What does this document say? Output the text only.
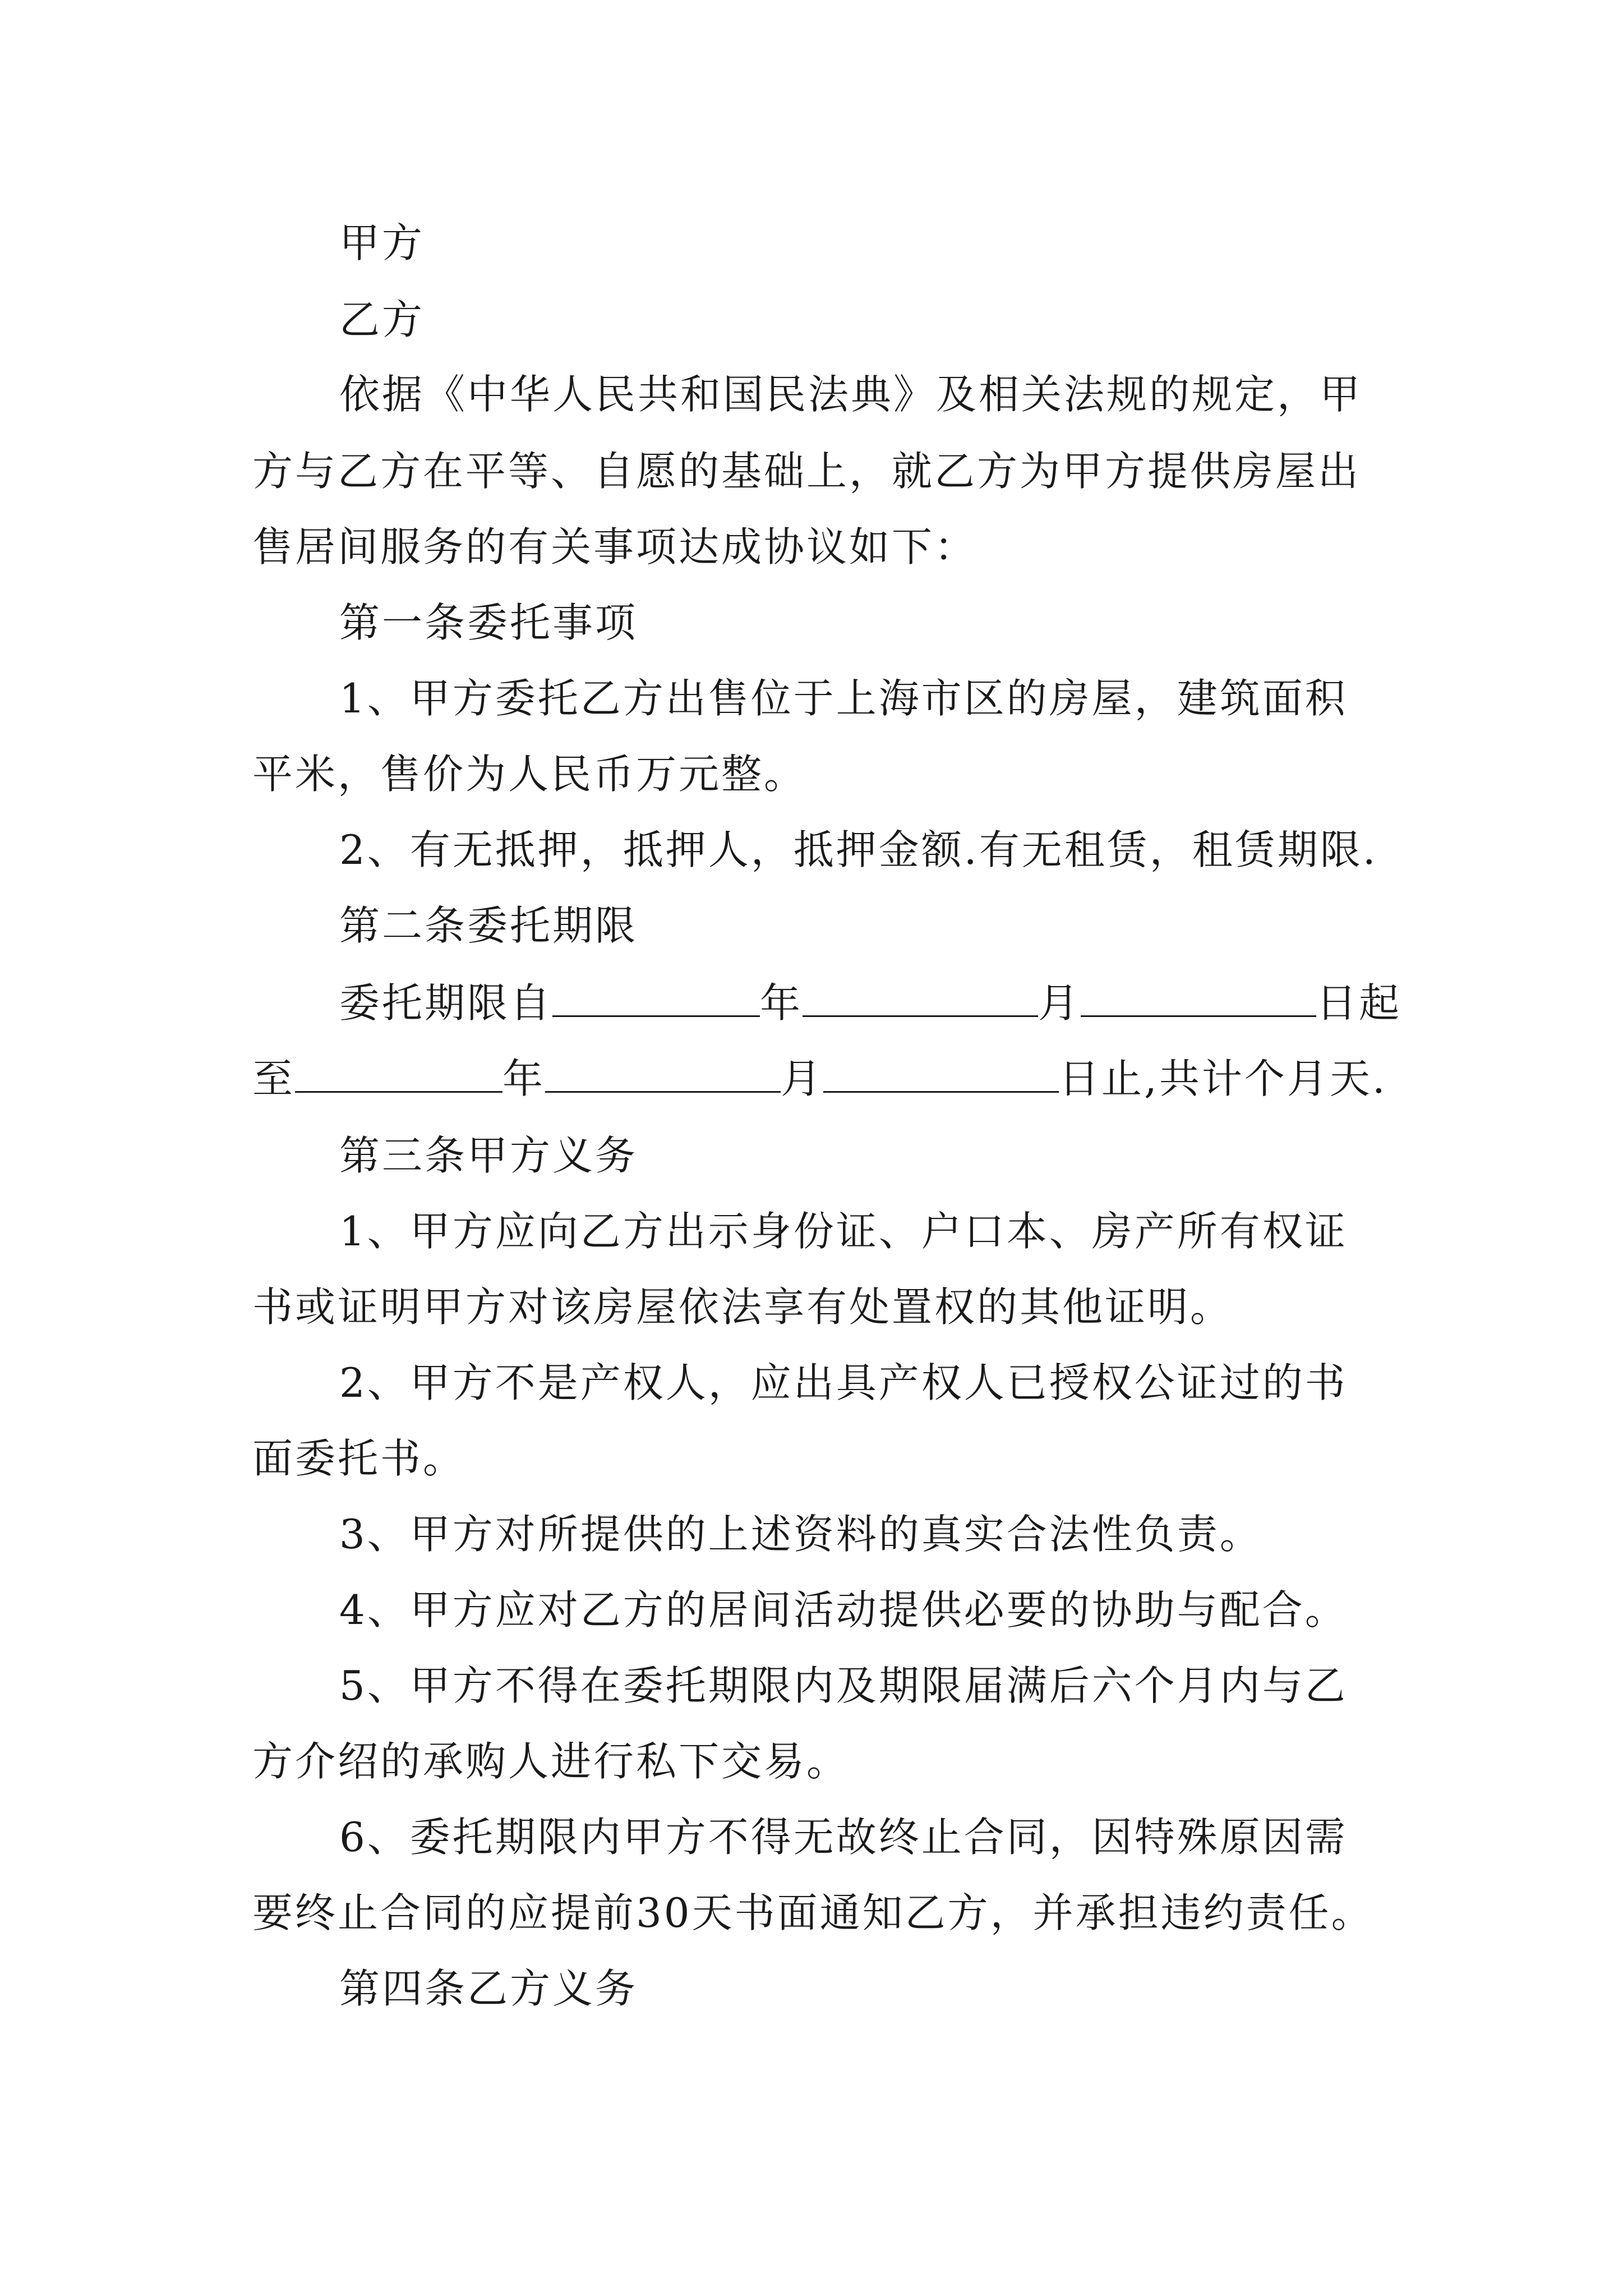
甲方
乙方
依据《中华人民共和国民法典》及相关法规的规定，甲
方与乙方在平等、自愿的基础上，就乙方为甲方提供房屋出
售居间服务的有关事项达成协议如下：
第一条委托事项
1、甲方委托乙方出售位于上海市区的房屋，建筑面积
平米，售价为人民币万元整。
2、有无抵押，抵押人，抵押金额.有无租赁，租赁期限.
第二条委托期限
委托期限自	年	月	日起
至	年	月	日止,共计个月天.
第三条甲方义务
1、甲方应向乙方出示身份证、户口本、房产所有权证
书或证明甲方对该房屋依法享有处置权的其他证明。
2、甲方不是产权人，应出具产权人已授权公证过的书
面委托书。
3、甲方对所提供的上述资料的真实合法性负责。
4、甲方应对乙方的居间活动提供必要的协助与配合。
5、甲方不得在委托期限内及期限届满后六个月内与乙
方介绍的承购人进行私下交易。
6、委托期限内甲方不得无故终止合同，因特殊原因需
要终止合同的应提前30天书面通知乙方，并承担违约责任。
第四条乙方义务
